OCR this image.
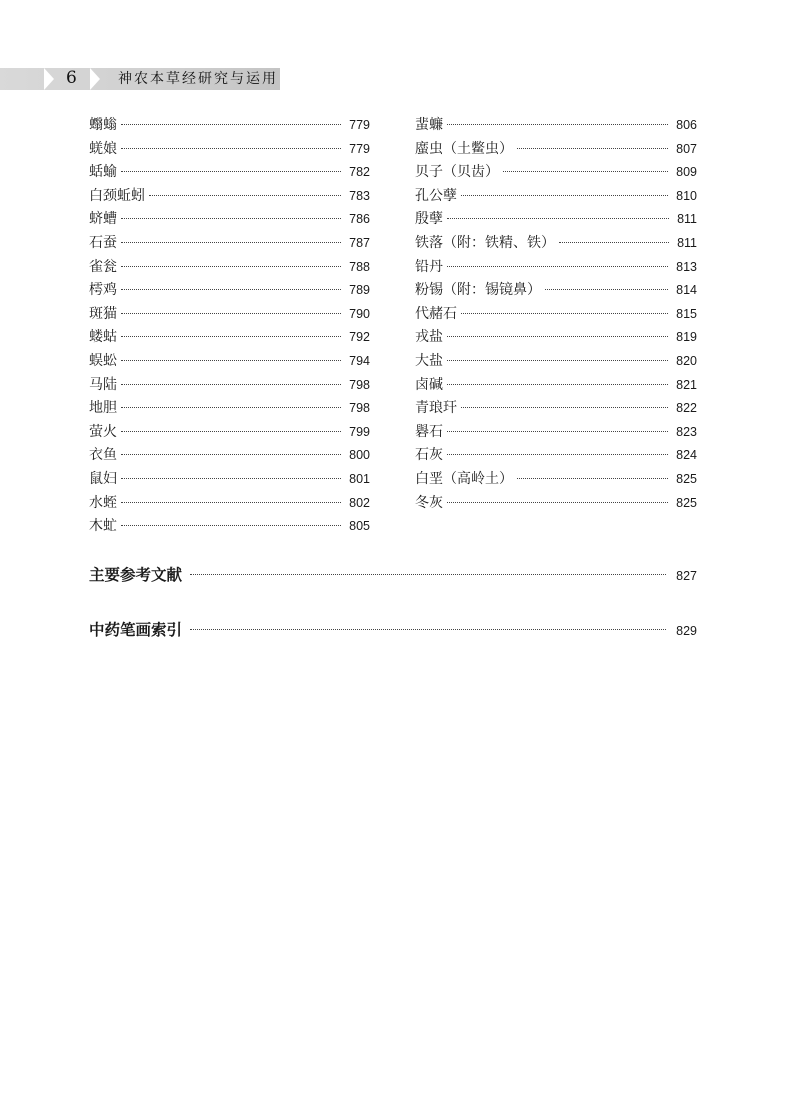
6	神农本草经研究与运用
蠮螉	779
蜣娘	779
蛞蝓	782
白颈蚯蚓	783
蛴螬	786
石蚕	787
雀瓮	788
樗鸡	789
斑猫	790
蝼蛄	792
蜈蚣	794
马陆	798
地胆	798
萤火	799
衣鱼	800
鼠妇	801
水蛭	802
木虻	805
蜚蠊	806
䗪虫（土鳖虫）	807
贝子（贝齿）	809
孔公孽	810
殷孽	811
铁落（附：铁精、铁）	811
铅丹	813
粉锡（附：锡镜鼻）	814
代赭石	815
戎盐	819
大盐	820
卤碱	821
青琅玕	822
礜石	823
石灰	824
白垩（高岭土）	825
冬灰	825
主要参考文献	827
中药笔画索引	829
